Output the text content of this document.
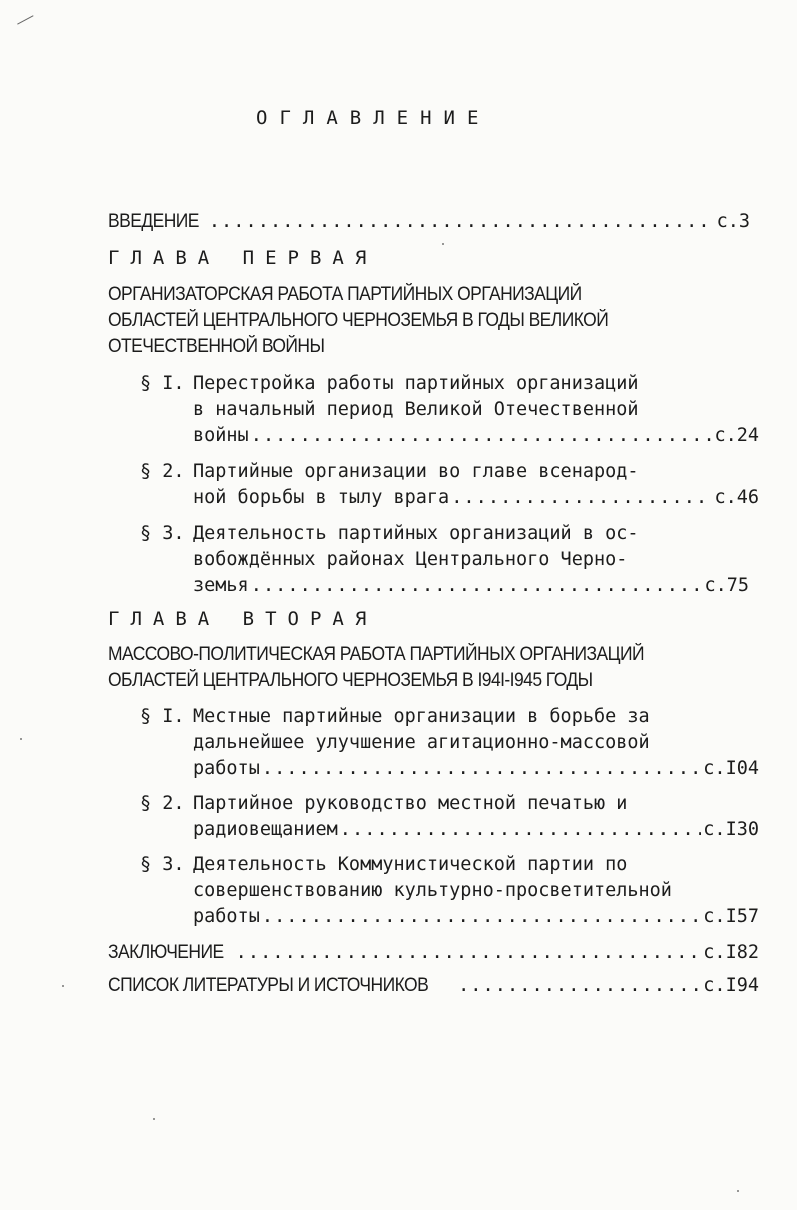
ОГЛАВЛЕНИЕ
ВВЕДЕНИЕ .....	с.3
ГЛАВА ПЕРВАЯ
ОРГАНИЗАТОРСКАЯ РАБОТА ПАРТИЙНЫХ ОРГАНИЗАЦИЙ
ОБЛАСТЕЙ ЦЕНТРАЛЬНОГО ЧЕРНОЗЕМЬЯ В ГОДЫ ВЕЛИКОЙ
ОТЕЧЕСТВЕННОЙ ВОЙНЫ
§ I. Перестройка работы партийных организаций
в начальный период Великой Отечественной
войны .....	с.24
§ 2. Партийные организации во главе всенарод-
ной борьбы в тылу врага .....	с.46
§ 3. Деятельность партийных организаций в ос-
вобождённых районах Центрального Черно-
земья .....	с.75
ГЛАВА ВТОРАЯ
МАССОВО-ПОЛИТИЧЕСКАЯ РАБОТА ПАРТИЙНЫХ ОРГАНИЗАЦИЙ
ОБЛАСТЕЙ ЦЕНТРАЛЬНОГО ЧЕРНОЗЕМЬЯ В I94I-I945 ГОДЫ
§ I. Местные партийные организации в борьбе за
дальнейшее улучшение агитационно-массовой
работы .....	с.I04
§ 2. Партийное руководство местной печатью и
радиовещанием .....	с.I30
§ 3. Деятельность Коммунистической партии по
совершенствованию культурно-просветительной
работы .....	с.I57
ЗАКЛЮЧЕНИЕ .....	с.I82
СПИСОК ЛИТЕРАТУРЫ И ИСТОЧНИКОВ .....	с.I94
